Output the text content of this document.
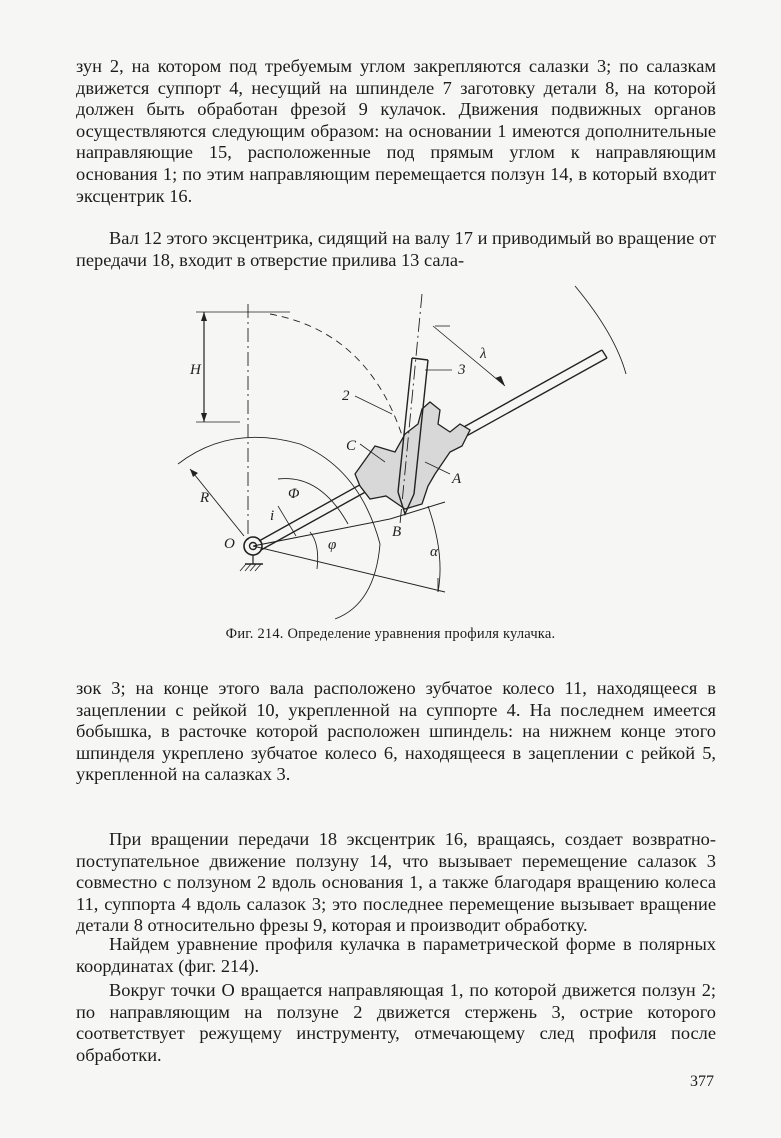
зун 2, на котором под требуемым углом закрепляются салазки 3; по салазкам движется суппорт 4, несущий на шпинделе 7 заготовку детали 8, на которой должен быть обработан фрезой 9 кулачок. Движения подвижных органов осуществляются следующим образом: на основании 1 имеются дополнительные направляющие 15, расположенные под прямым углом к направляющим основания 1; по этим направляющим перемещается ползун 14, в который входит эксцентрик 16.

Вал 12 этого эксцентрика, сидящий на валу 17 и приводимый во вращение от передачи 18, входит в отверстие прилива 13 сала-

H
R	Φ
i
O	φ	α
B
A
C
2
3
λ
Фиг. 214. Определение уравнения профиля кулачка.

зок 3; на конце этого вала расположено зубчатое колесо 11, находящееся в зацеплении с рейкой 10, укрепленной на суппорте 4. На последнем имеется бобышка, в расточке которой расположен шпиндель: на нижнем конце этого шпинделя укреплено зубчатое колесо 6, находящееся в зацеплении с рейкой 5, укрепленной на салазках 3.

При вращении передачи 18 эксцентрик 16, вращаясь, создает возвратно-поступательное движение ползуну 14, что вызывает перемещение салазок 3 совместно с ползуном 2 вдоль основания 1, а также благодаря вращению колеса 11, суппорта 4 вдоль салазок 3; это последнее перемещение вызывает вращение детали 8 относительно фрезы 9, которая и производит обработку.

Найдем уравнение профиля кулачка в параметрической форме в полярных координатах (фиг. 214).

Вокруг точки O вращается направляющая 1, по которой движется ползун 2; по направляющим на ползуне 2 движется стержень 3, острие которого соответствует режущему инструменту, отмечающему след профиля после обработки.

377
